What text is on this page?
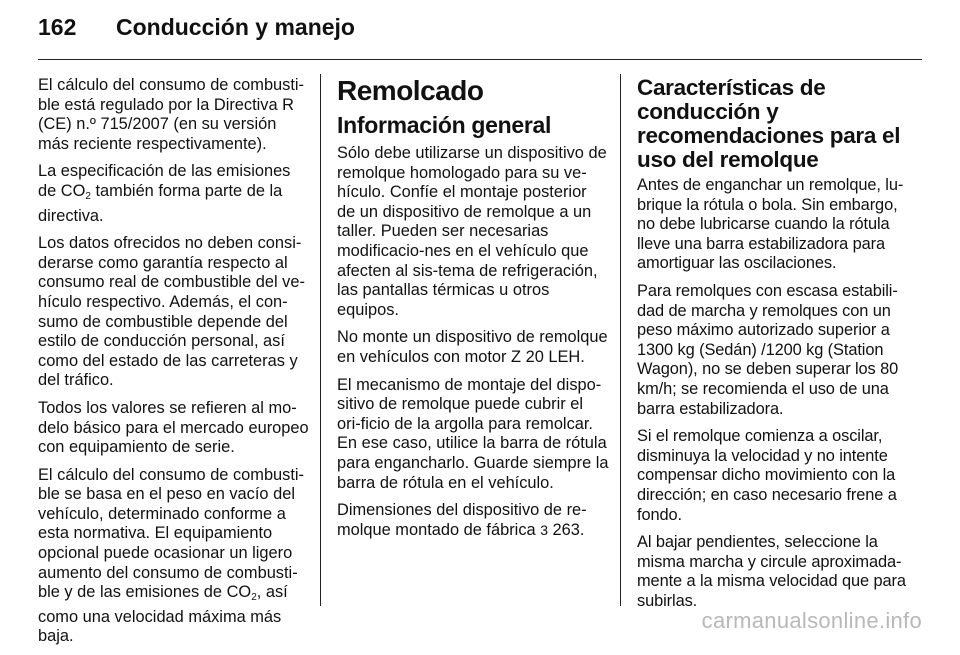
162 Conducción y manejo

El cálculo del consumo de combusti-ble está regulado por la Directiva R (CE) n.º 715/2007 (en su versión más reciente respectivamente).

La especificación de las emisiones de $CO_2$ también forma parte de la directiva.

Los datos ofrecidos no deben consi-derarse como garantía respecto al consumo real de combustible del ve-hículo respectivo. Además, el con-sumo de combustible depende del estilo de conducción personal, así como del estado de las carreteras y del tráfico.

Todos los valores se refieren al mo-delo básico para el mercado europeo con equipamiento de serie.

El cálculo del consumo de combusti-ble se basa en el peso en vacío del vehículo, determinado conforme a esta normativa. El equipamiento opcional puede ocasionar un ligero aumento del consumo de combusti-ble y de las emisiones de $CO_2$, así como una velocidad máxima más baja.

Remolcado
Información general

Sólo debe utilizarse un dispositivo de remolque homologado para su ve-hículo. Confíe el montaje posterior de un dispositivo de remolque a un taller. Pueden ser necesarias modificacio-nes en el vehículo que afecten al sis-tema de refrigeración, las pantallas térmicas u otros equipos.

No monte un dispositivo de remolque en vehículos con motor Z 20 LEH.

El mecanismo de montaje del dispo-sitivo de remolque puede cubrir el ori-ficio de la argolla para remolcar. En ese caso, utilice la barra de rótula para engancharlo. Guarde siempre la barra de rótula en el vehículo.

Dimensiones del dispositivo de re-molque montado de fábrica 3 263.

Características de conducción y recomendaciones para el uso del remolque

Antes de enganchar un remolque, lu-brique la rótula o bola. Sin embargo, no debe lubricarse cuando la rótula lleve una barra estabilizadora para amortiguar las oscilaciones.

Para remolques con escasa estabili-dad de marcha y remolques con un peso máximo autorizado superior a 1300 kg (Sedán) /1200 kg (Station Wagon), no se deben superar los 80 km/h; se recomienda el uso de una barra estabilizadora.

Si el remolque comienza a oscilar, disminuya la velocidad y no intente compensar dicho movimiento con la dirección; en caso necesario frene a fondo.

Al bajar pendientes, seleccione la misma marcha y circule aproximada-mente a la misma velocidad que para subirlas.

carmanualsonline.info
